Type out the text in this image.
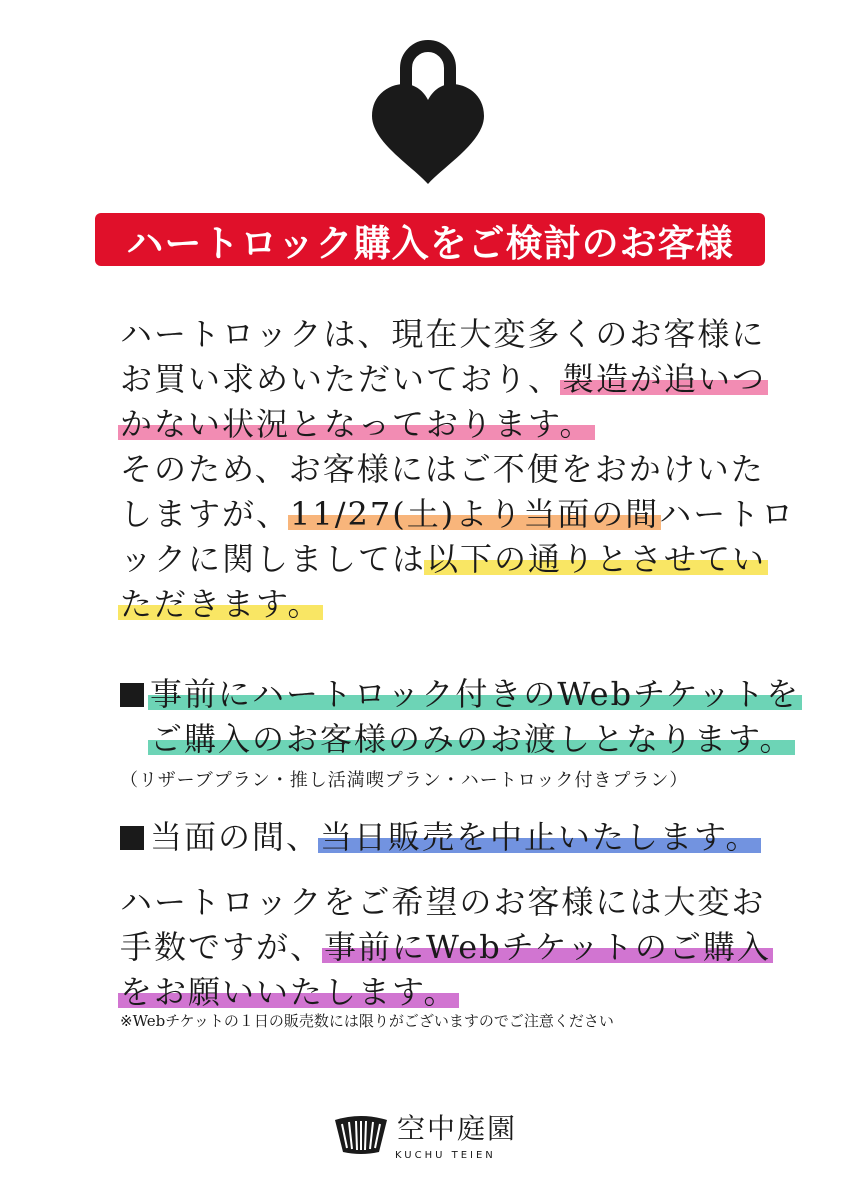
ハートロック購入をご検討のお客様
ハートロックは、現在大変多くのお客様に
お買い求めいただいており、製造が追いつ
かない状況となっております。
そのため、お客様にはご不便をおかけいた
しますが、11/27(土)より当面の間ハートロ
ックに関しましては以下の通りとさせてい
ただきます。
事前にハートロック付きのWebチケットを
ご購入のお客様のみのお渡しとなります。
（リザーブプラン・推し活満喫プラン・ハートロック付きプラン）
当面の間、当日販売を中止いたします。
ハートロックをご希望のお客様には大変お
手数ですが、事前にWebチケットのご購入
をお願いいたします。
※Webチケットの１日の販売数には限りがございますのでご注意ください
空中庭園
KUCHU TEIEN
